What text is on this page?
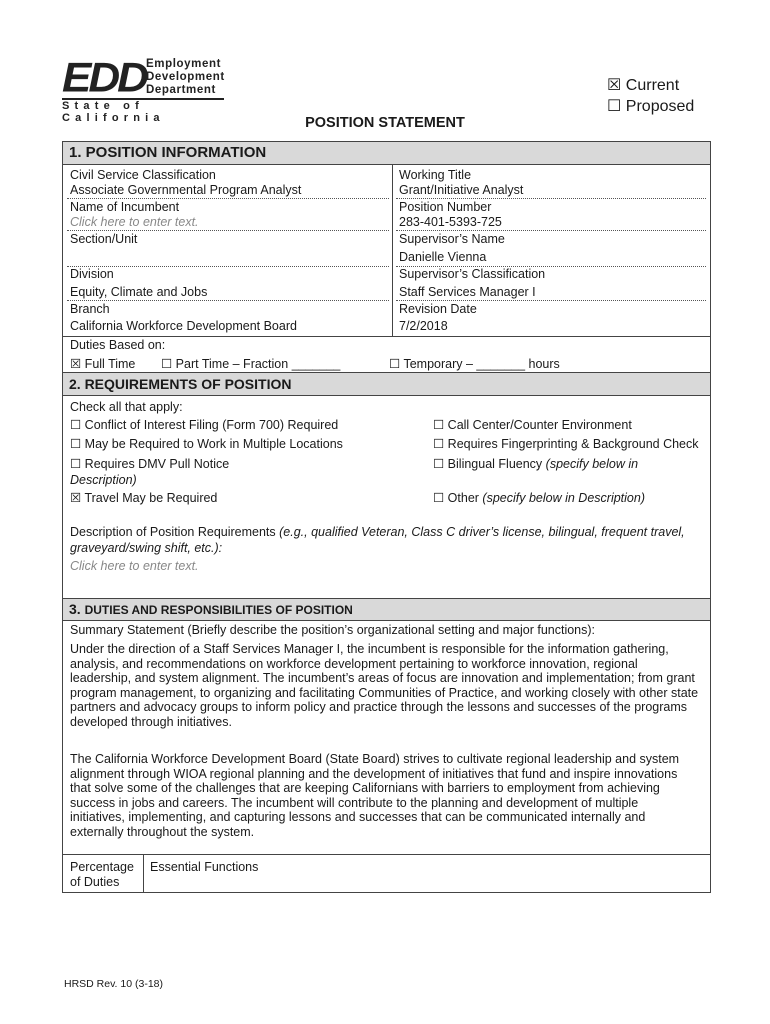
EDD Employment
Development
Department
State of California
☒ Current
☐ Proposed
POSITION STATEMENT
1. POSITION INFORMATION
Civil Service Classification
Associate Governmental Program Analyst
Working Title
Grant/Initiative Analyst
Name of Incumbent
Click here to enter text.
Position Number
283-401-5393-725
Section/Unit	Supervisor’s Name
Danielle Vienna
Division
Equity, Climate and Jobs
Supervisor’s Classification
Staff Services Manager I
Branch
California Workforce Development Board
Revision Date
7/2/2018
Duties Based on:
☒ Full Time ☐ Part Time – Fraction _______	☐ Temporary – _______ hours
2. REQUIREMENTS OF POSITION
Check all that apply:
☐ Conflict of Interest Filing (Form 700) Required
☐ May be Required to Work in Multiple Locations
☐ Requires DMV Pull Notice
Description)
☒ Travel May be Required
☐ Call Center/Counter Environment
☐ Requires Fingerprinting & Background Check
☐ Bilingual Fluency (specify below in
☐ Other (specify below in Description)
Description of Position Requirements (e.g., qualified Veteran, Class C driver’s license, bilingual, frequent travel,
graveyard/swing shift, etc.):
Click here to enter text.
3. DUTIES AND RESPONSIBILITIES OF POSITION
Summary Statement (Briefly describe the position’s organizational setting and major functions):
Under the direction of a Staff Services Manager I, the incumbent is responsible for the information gathering, analysis, and recommendations on workforce development pertaining to workforce innovation, regional leadership, and system alignment. The incumbent’s areas of focus are innovation and implementation; from grant program management, to organizing and facilitating Communities of Practice, and working closely with other state partners and advocacy groups to inform policy and practice through the lessons and successes of the programs developed through initiatives.
The California Workforce Development Board (State Board) strives to cultivate regional leadership and system alignment through WIOA regional planning and the development of initiatives that fund and inspire innovations that solve some of the challenges that are keeping Californians with barriers to employment from achieving success in jobs and careers. The incumbent will contribute to the planning and development of multiple initiatives, implementing, and capturing lessons and successes that can be communicated internally and externally throughout the system.
Percentage
of Duties
Essential Functions
HRSD Rev. 10 (3-18)
